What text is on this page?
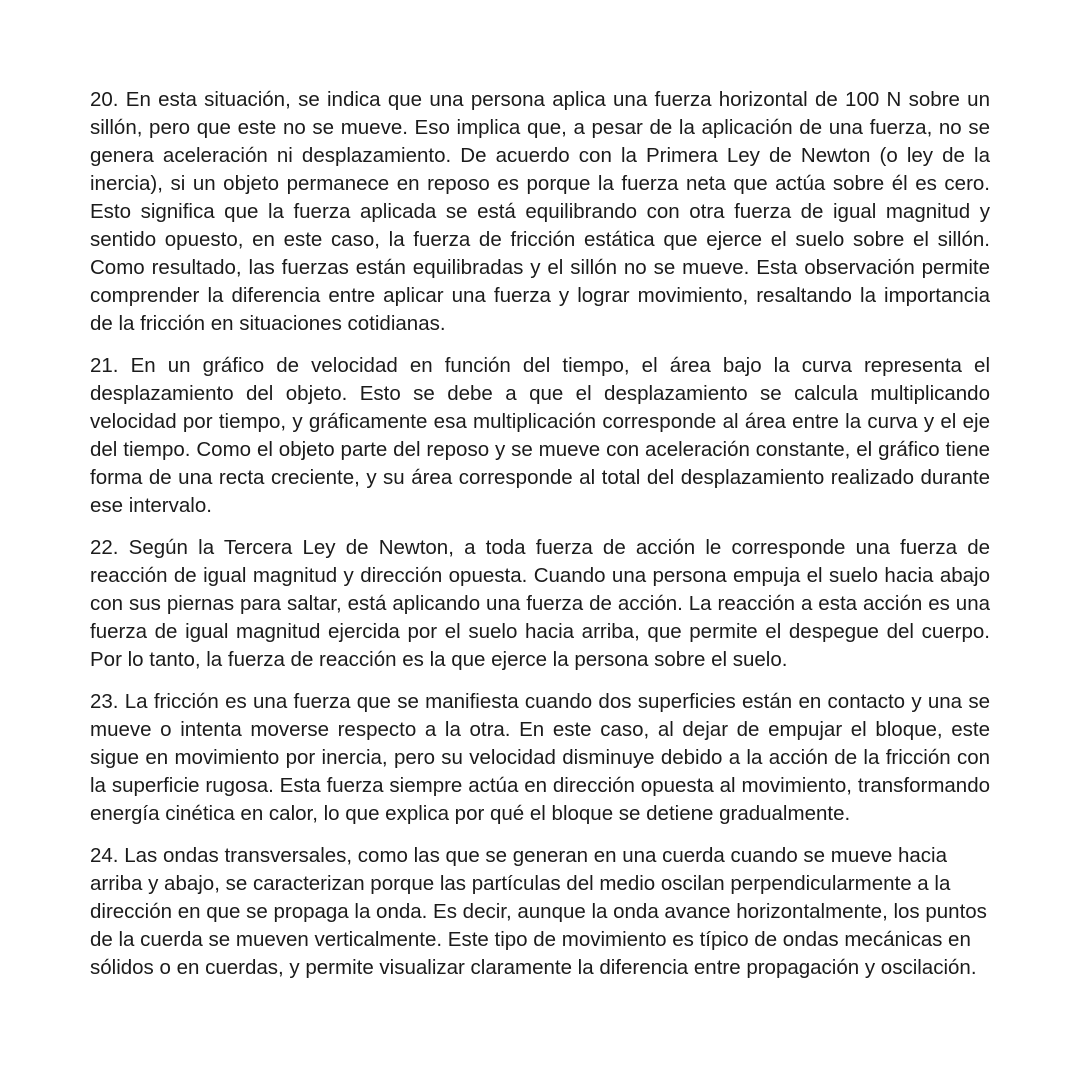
20. En esta situación, se indica que una persona aplica una fuerza horizontal de 100 N sobre un sillón, pero que este no se mueve. Eso implica que, a pesar de la aplicación de una fuerza, no se genera aceleración ni desplazamiento. De acuerdo con la Primera Ley de Newton (o ley de la inercia), si un objeto permanece en reposo es porque la fuerza neta que actúa sobre él es cero. Esto significa que la fuerza aplicada se está equilibrando con otra fuerza de igual magnitud y sentido opuesto, en este caso, la fuerza de fricción estática que ejerce el suelo sobre el sillón. Como resultado, las fuerzas están equilibradas y el sillón no se mueve. Esta observación permite comprender la diferencia entre aplicar una fuerza y lograr movimiento, resaltando la importancia de la fricción en situaciones cotidianas.

21. En un gráfico de velocidad en función del tiempo, el área bajo la curva representa el desplazamiento del objeto. Esto se debe a que el desplazamiento se calcula multiplicando velocidad por tiempo, y gráficamente esa multiplicación corresponde al área entre la curva y el eje del tiempo. Como el objeto parte del reposo y se mueve con aceleración constante, el gráfico tiene forma de una recta creciente, y su área corresponde al total del desplazamiento realizado durante ese intervalo.

22. Según la Tercera Ley de Newton, a toda fuerza de acción le corresponde una fuerza de reacción de igual magnitud y dirección opuesta. Cuando una persona empuja el suelo hacia abajo con sus piernas para saltar, está aplicando una fuerza de acción. La reacción a esta acción es una fuerza de igual magnitud ejercida por el suelo hacia arriba, que permite el despegue del cuerpo. Por lo tanto, la fuerza de reacción es la que ejerce la persona sobre el suelo.

23. La fricción es una fuerza que se manifiesta cuando dos superficies están en contacto y una se mueve o intenta moverse respecto a la otra. En este caso, al dejar de empujar el bloque, este sigue en movimiento por inercia, pero su velocidad disminuye debido a la acción de la fricción con la superficie rugosa. Esta fuerza siempre actúa en dirección opuesta al movimiento, transformando energía cinética en calor, lo que explica por qué el bloque se detiene gradualmente.

24. Las ondas transversales, como las que se generan en una cuerda cuando se mueve hacia arriba y abajo, se caracterizan porque las partículas del medio oscilan perpendicularmente a la dirección en que se propaga la onda. Es decir, aunque la onda avance horizontalmente, los puntos de la cuerda se mueven verticalmente. Este tipo de movimiento es típico de ondas mecánicas en sólidos o en cuerdas, y permite visualizar claramente la diferencia entre propagación y oscilación.
